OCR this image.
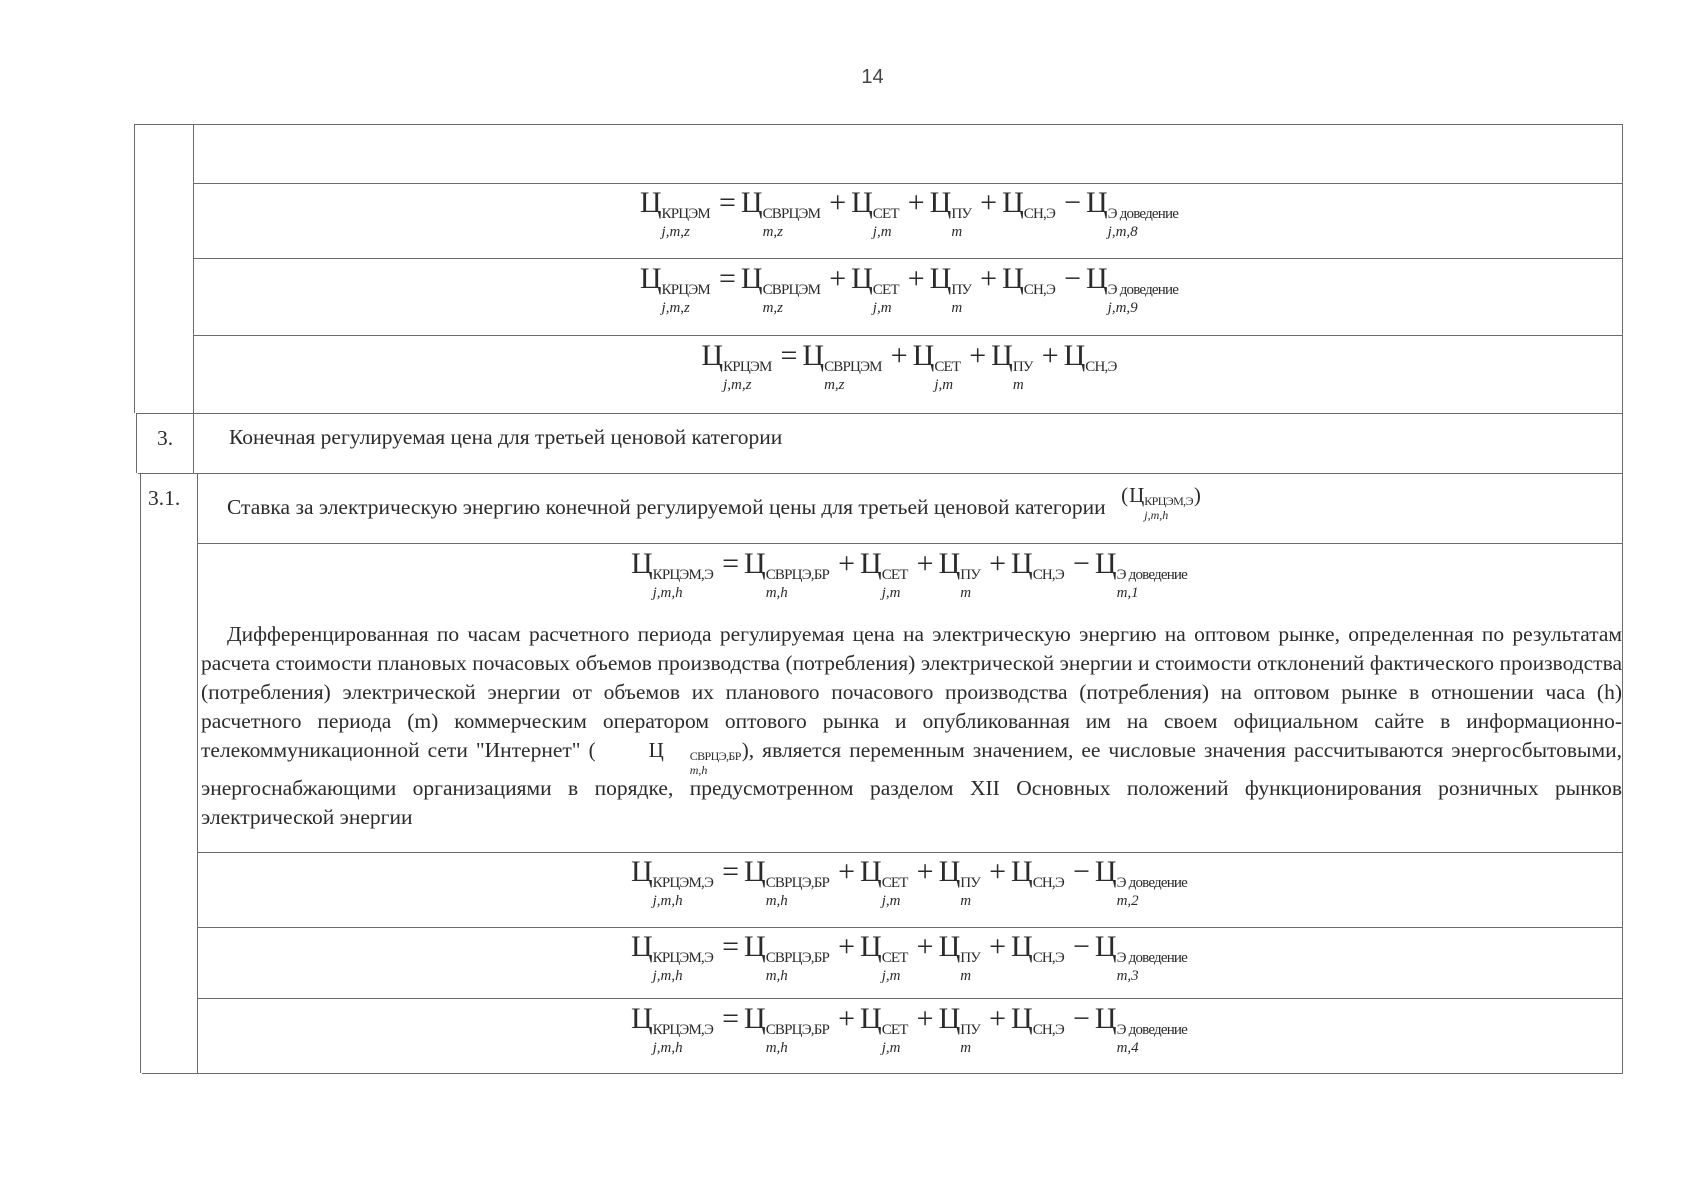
14
Ц КРЦЭМ
j,m,z
= Ц СВРЦЭМ
m,z
+ Ц СЕТ
j,m
+ Ц ПУ
m
+ Ц СН,Э
− Ц Э доведение
j,m,8
Ц КРЦЭМ
j,m,z
= Ц СВРЦЭМ
m,z
+ Ц СЕТ
j,m
+ Ц ПУ
m
+ Ц СН,Э
− Ц Э доведение
j,m,9
Ц КРЦЭМ
j,m,z
= Ц СВРЦЭМ
m,z
+ Ц СЕТ
j,m
+ Ц ПУ
m
+ Ц СН,Э

3.	Конечная регулируемая цена для третьей ценовой категории
3.1. Ставка за электрическую энергию конечной регулируемой цены для третьей ценовой категории (Ц КРЦЭМ,Э
j,m,h
)
Ц КРЦЭМ,Э
j,m,h
= Ц СВРЦЭ,БР
m,h
+ Ц СЕТ
j,m
+ Ц ПУ
m
+ Ц СН,Э
− Ц Э доведение
m,1
Дифференцированная по часам расчетного периода регулируемая цена на электрическую энергию на оптовом рынке, определенная по результатам расчета стоимости плановых почасовых объемов производства (потребления) электрической энергии и стоимости отклонений фактического производства (потребления) электрической энергии от объемов их планового почасового производства (потребления) на оптовом рынке в отношении часа (h) расчетного периода (m) коммерческим оператором оптового рынка и опубликованная им на своем официальном сайте в информационно-телекоммуникационной сети "Интернет" (	Ц	СВРЦЭ,БР
m,h
), является переменным значением, ее числовые значения рассчитываются энергосбытовыми, энергоснабжающими организациями в порядке, предусмотренном разделом XII Основных положений функционирования розничных рынков электрической энергии
Ц КРЦЭМ,Э
j,m,h
= Ц СВРЦЭ,БР
m,h
+ Ц СЕТ
j,m
+ Ц ПУ
m
+ Ц СН,Э
− Ц Э доведение
m,2
Ц КРЦЭМ,Э
j,m,h
= Ц СВРЦЭ,БР
m,h
+ Ц СЕТ
j,m
+ Ц ПУ
m
+ Ц СН,Э
− Ц Э доведение
m,3
Ц КРЦЭМ,Э
j,m,h
= Ц СВРЦЭ,БР
m,h
+ Ц СЕТ
j,m
+ Ц ПУ
m
+ Ц СН,Э
− Ц Э доведение
m,4
